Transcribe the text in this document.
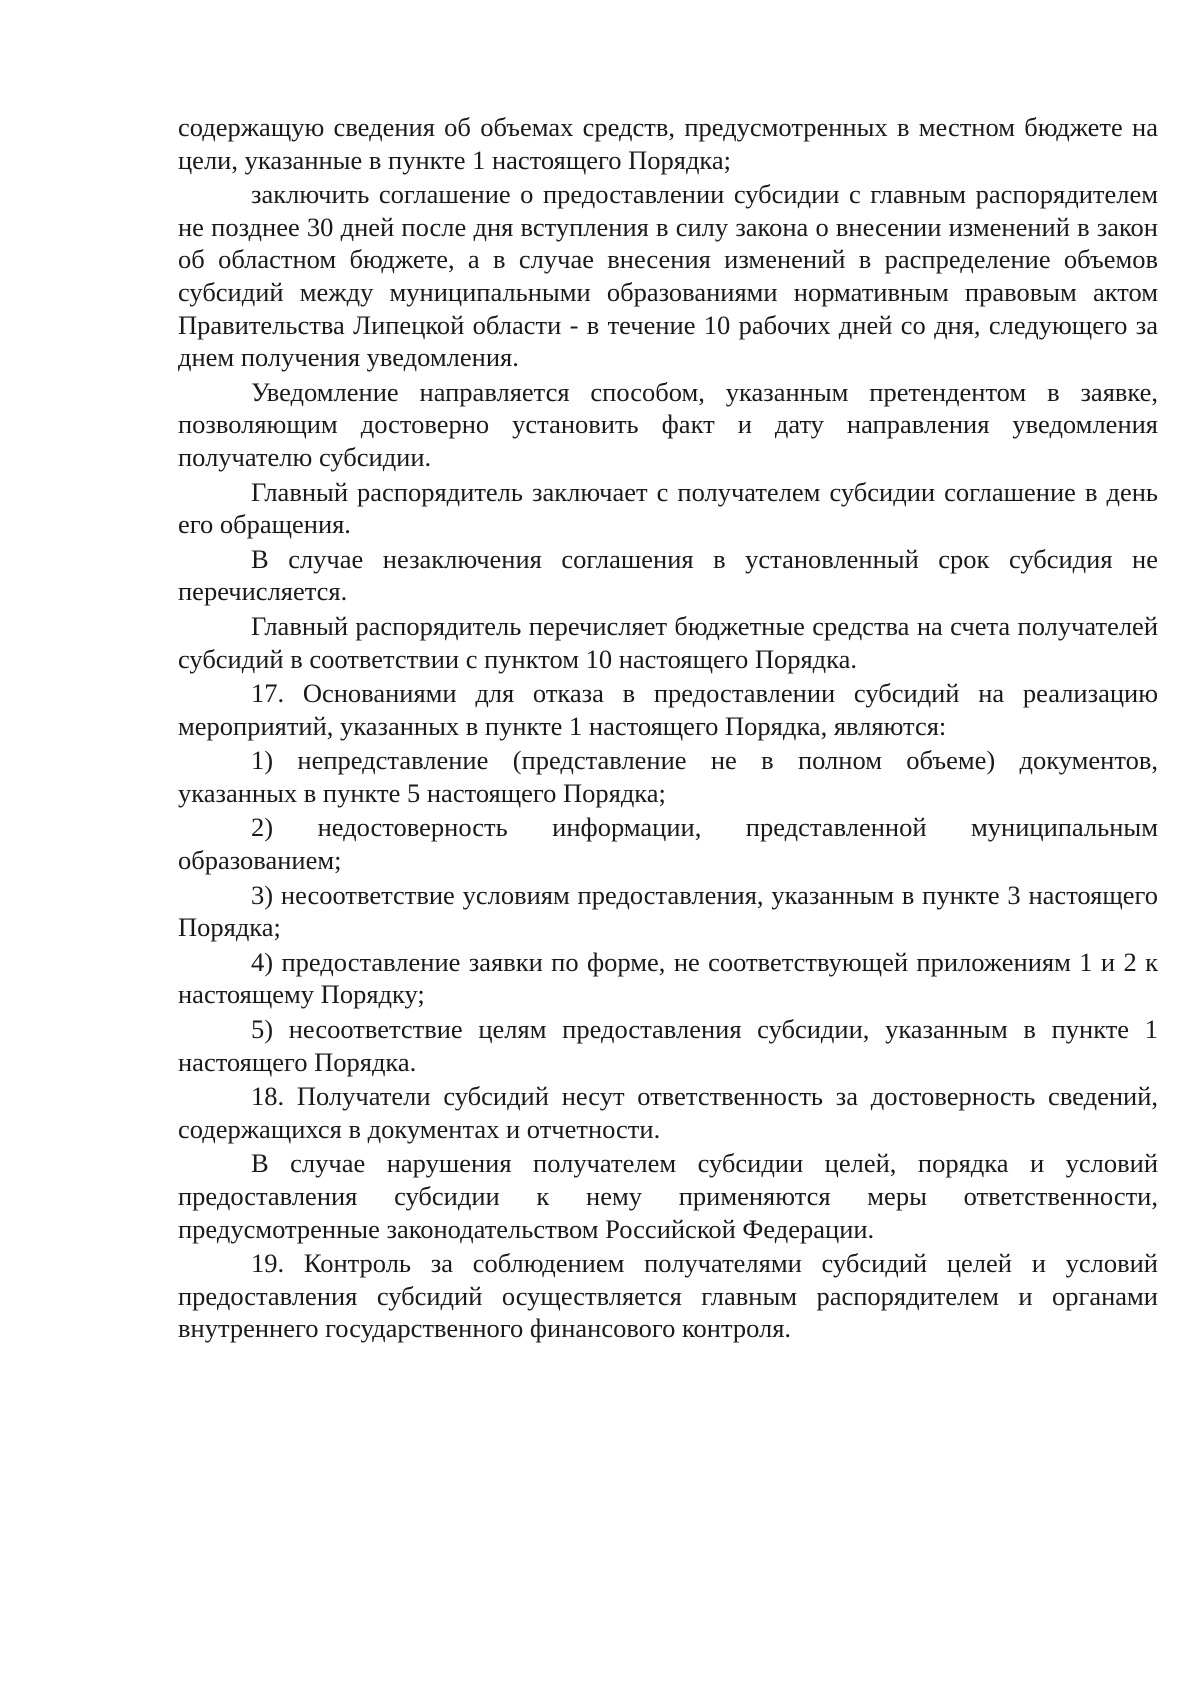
содержащую сведения об объемах средств, предусмотренных в местном бюджете на цели, указанные в пункте 1 настоящего Порядка;

заключить соглашение о предоставлении субсидии с главным распорядителем не позднее 30 дней после дня вступления в силу закона о внесении изменений в закон об областном бюджете, а в случае внесения изменений в распределение объемов субсидий между муниципальными образованиями нормативным правовым актом Правительства Липецкой области - в течение 10 рабочих дней со дня, следующего за днем получения уведомления.

Уведомление направляется способом, указанным претендентом в заявке, позволяющим достоверно установить факт и дату направления уведомления получателю субсидии.

Главный распорядитель заключает с получателем субсидии соглашение в день его обращения.

В случае незаключения соглашения в установленный срок субсидия не перечисляется.

Главный распорядитель перечисляет бюджетные средства на счета получателей субсидий в соответствии с пунктом 10 настоящего Порядка.

17. Основаниями для отказа в предоставлении субсидий на реализацию мероприятий, указанных в пункте 1 настоящего Порядка, являются:

1) непредставление (представление не в полном объеме) документов, указанных в пункте 5 настоящего Порядка;

2) недостоверность информации, представленной муниципальным образованием;

3) несоответствие условиям предоставления, указанным в пункте 3 настоящего Порядка;

4) предоставление заявки по форме, не соответствующей приложениям 1 и 2 к настоящему Порядку;

5) несоответствие целям предоставления субсидии, указанным в пункте 1 настоящего Порядка.

18. Получатели субсидий несут ответственность за достоверность сведений, содержащихся в документах и отчетности.

В случае нарушения получателем субсидии целей, порядка и условий предоставления субсидии к нему применяются меры ответственности, предусмотренные законодательством Российской Федерации.

19. Контроль за соблюдением получателями субсидий целей и условий предоставления субсидий осуществляется главным распорядителем и органами внутреннего государственного финансового контроля.
